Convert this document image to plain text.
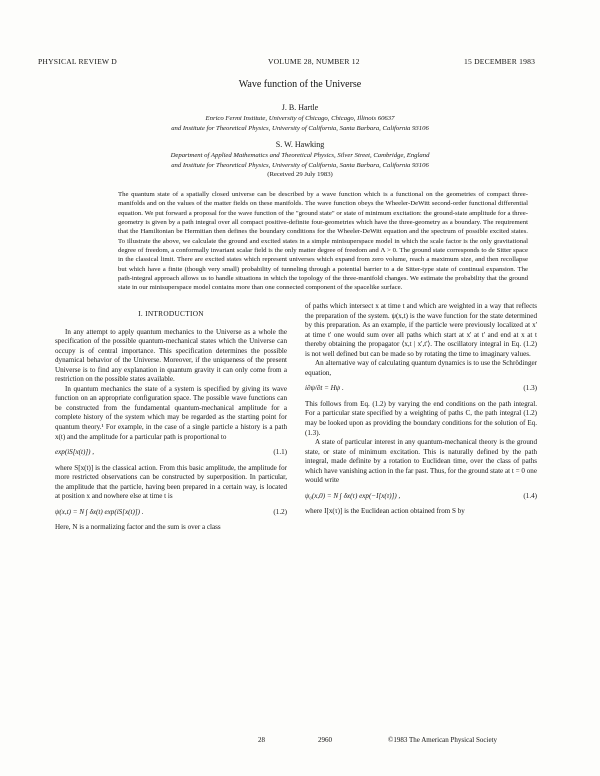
PHYSICAL REVIEW D	VOLUME 28, NUMBER 12	15 DECEMBER 1983
Wave function of the Universe
J. B. Hartle
Enrico Fermi Institute, University of Chicago, Chicago, Illinois 60637
and Institute for Theoretical Physics, University of California, Santa Barbara, California 93106
S. W. Hawking
Department of Applied Mathematics and Theoretical Physics, Silver Street, Cambridge, England
and Institute for Theoretical Physics, University of California, Santa Barbara, California 93106
(Received 29 July 1983)
The quantum state of a spatially closed universe can be described by a wave function which is a functional on the geometries of compact three-manifolds and on the values of the matter fields on these manifolds. The wave function obeys the Wheeler-DeWitt second-order functional differential equation. We put forward a proposal for the wave function of the "ground state" or state of minimum excitation: the ground-state amplitude for a three-geometry is given by a path integral over all compact positive-definite four-geometries which have the three-geometry as a boundary. The requirement that the Hamiltonian be Hermitian then defines the boundary conditions for the Wheeler-DeWitt equation and the spectrum of possible excited states. To illustrate the above, we calculate the ground and excited states in a simple minisuperspace model in which the scale factor is the only gravitational degree of freedom, a conformally invariant scalar field is the only matter degree of freedom and Λ > 0. The ground state corresponds to de Sitter space in the classical limit. There are excited states which represent universes which expand from zero volume, reach a maximum size, and then recollapse but which have a finite (though very small) probability of tunneling through a potential barrier to a de Sitter-type state of continual expansion. The path-integral approach allows us to handle situations in which the topology of the three-manifold changes. We estimate the probability that the ground state in our minisuperspace model contains more than one connected component of the spacelike surface.
I. INTRODUCTION

In any attempt to apply quantum mechanics to the Universe as a whole the specification of the possible quantum-mechanical states which the Universe can occupy is of central importance. This specification determines the possible dynamical behavior of the Universe. Moreover, if the uniqueness of the present Universe is to find any explanation in quantum gravity it can only come from a restriction on the possible states available.

In quantum mechanics the state of a system is specified by giving its wave function on an appropriate configuration space. The possible wave functions can be constructed from the fundamental quantum-mechanical amplitude for a complete history of the system which may be regarded as the starting point for quantum theory.¹ For example, in the case of a single particle a history is a path x(t) and the amplitude for a particular path is proportional to

exp(iS[x(t)]) ,	(1.1)

where S[x(t)] is the classical action. From this basic amplitude, the amplitude for more restricted observations can be constructed by superposition. In particular, the amplitude that the particle, having been prepared in a certain way, is located at position x and nowhere else at time t is

ψ(x,t) = N ∫ δx(t) exp(iS[x(t)]) .	(1.2)

Here, N is a normalizing factor and the sum is over a class

of paths which intersect x at time t and which are weighted in a way that reflects the preparation of the system. ψ(x,t) is the wave function for the state determined by this preparation. As an example, if the particle were previously localized at x' at time t' one would sum over all paths which start at x' at t' and end at x at t thereby obtaining the propagator ⟨x,t | x',t'⟩. The oscillatory integral in Eq. (1.2) is not well defined but can be made so by rotating the time to imaginary values.

An alternative way of calculating quantum dynamics is to use the Schrödinger equation,

i∂ψ/∂t = Hψ .	(1.3)

This follows from Eq. (1.2) by varying the end conditions on the path integral. For a particular state specified by a weighting of paths C, the path integral (1.2) may be looked upon as providing the boundary conditions for the solution of Eq. (1.3).

A state of particular interest in any quantum-mechanical theory is the ground state, or state of minimum excitation. This is naturally defined by the path integral, made definite by a rotation to Euclidean time, over the class of paths which have vanishing action in the far past. Thus, for the ground state at t = 0 one would write

ψ₀(x,0) = N ∫ δx(τ) exp(−I[x(τ)]) ,	(1.4)

where I[x(τ)] is the Euclidean action obtained from S by

28	2960	©1983 The American Physical Society
